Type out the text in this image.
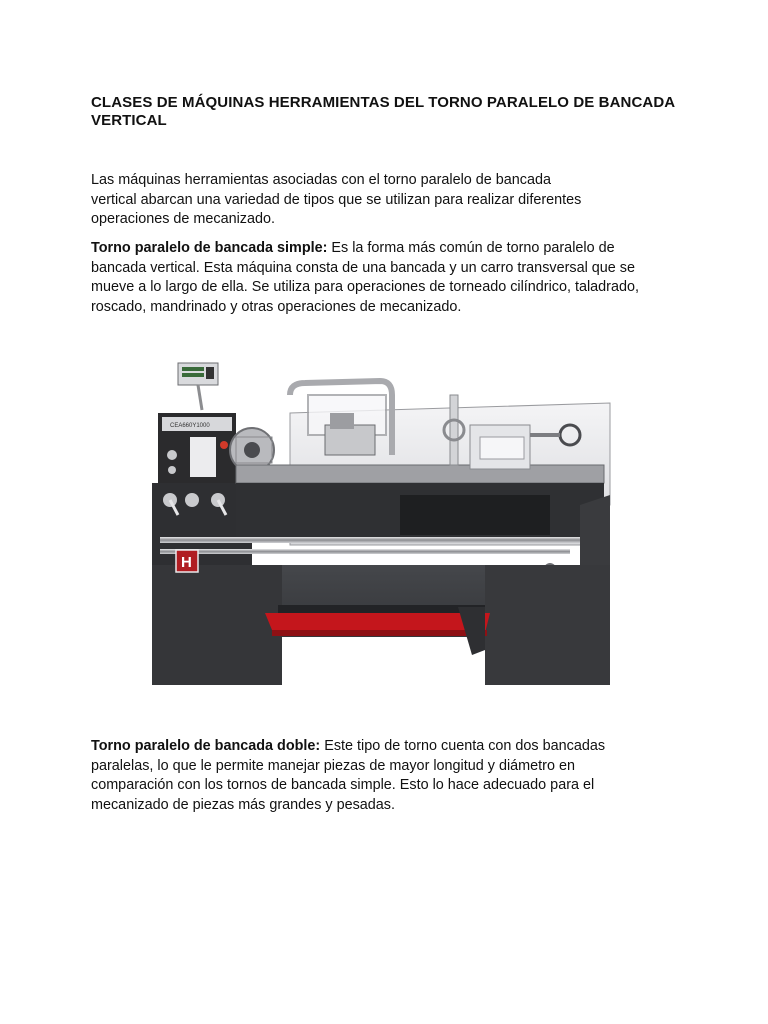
CLASES DE MÁQUINAS HERRAMIENTAS DEL TORNO PARALELO DE BANCADA
VERTICAL

Las máquinas herramientas asociadas con el torno paralelo de bancada
vertical abarcan una variedad de tipos que se utilizan para realizar diferentes
operaciones de mecanizado.

Torno paralelo de bancada simple: Es la forma más común de torno paralelo de
bancada vertical. Esta máquina consta de una bancada y un carro transversal que se
mueve a lo largo de ella. Se utiliza para operaciones de torneado cilíndrico, taladrado,
roscado, mandrinado y otras operaciones de mecanizado.

CEA660Y1000
H

Torno paralelo de bancada doble: Este tipo de torno cuenta con dos bancadas
paralelas, lo que le permite manejar piezas de mayor longitud y diámetro en
comparación con los tornos de bancada simple. Esto lo hace adecuado para el
mecanizado de piezas más grandes y pesadas.
